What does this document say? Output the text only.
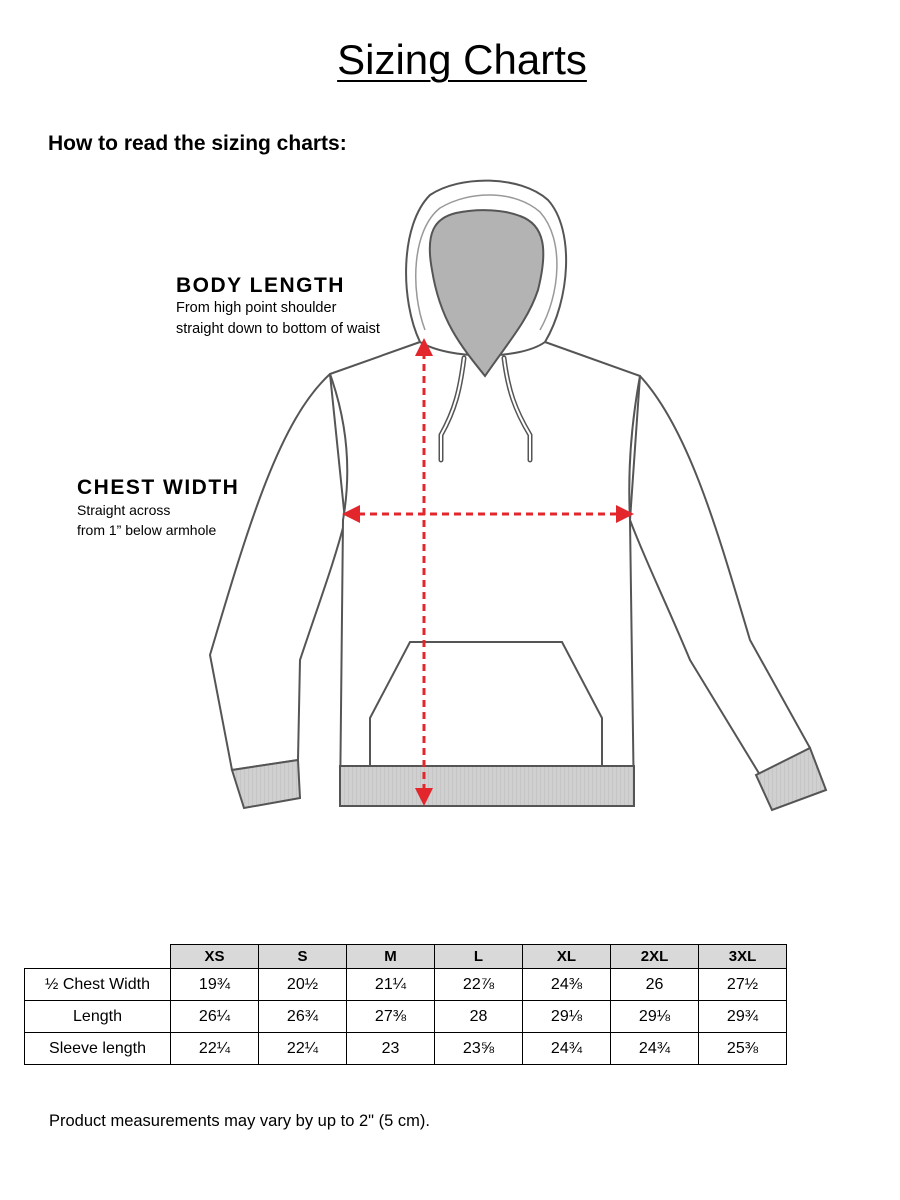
Sizing Charts
How to read the sizing charts:

BODY LENGTH

From high point shoulder

straight down to bottom of waist

CHEST WIDTH

Straight across

from 1” below armhole

	XS	S	M	L	XL	2XL	3XL
½ Chest Width	19¾	20½	21¼	22⅞	24⅜	26	27½
Length	26¼	26¾	27⅜	28	29⅛	29⅛	29¾
Sleeve length	22¼	22¼	23	23⅝	24¾	24¾	25⅜

Product measurements may vary by up to 2" (5 cm).
